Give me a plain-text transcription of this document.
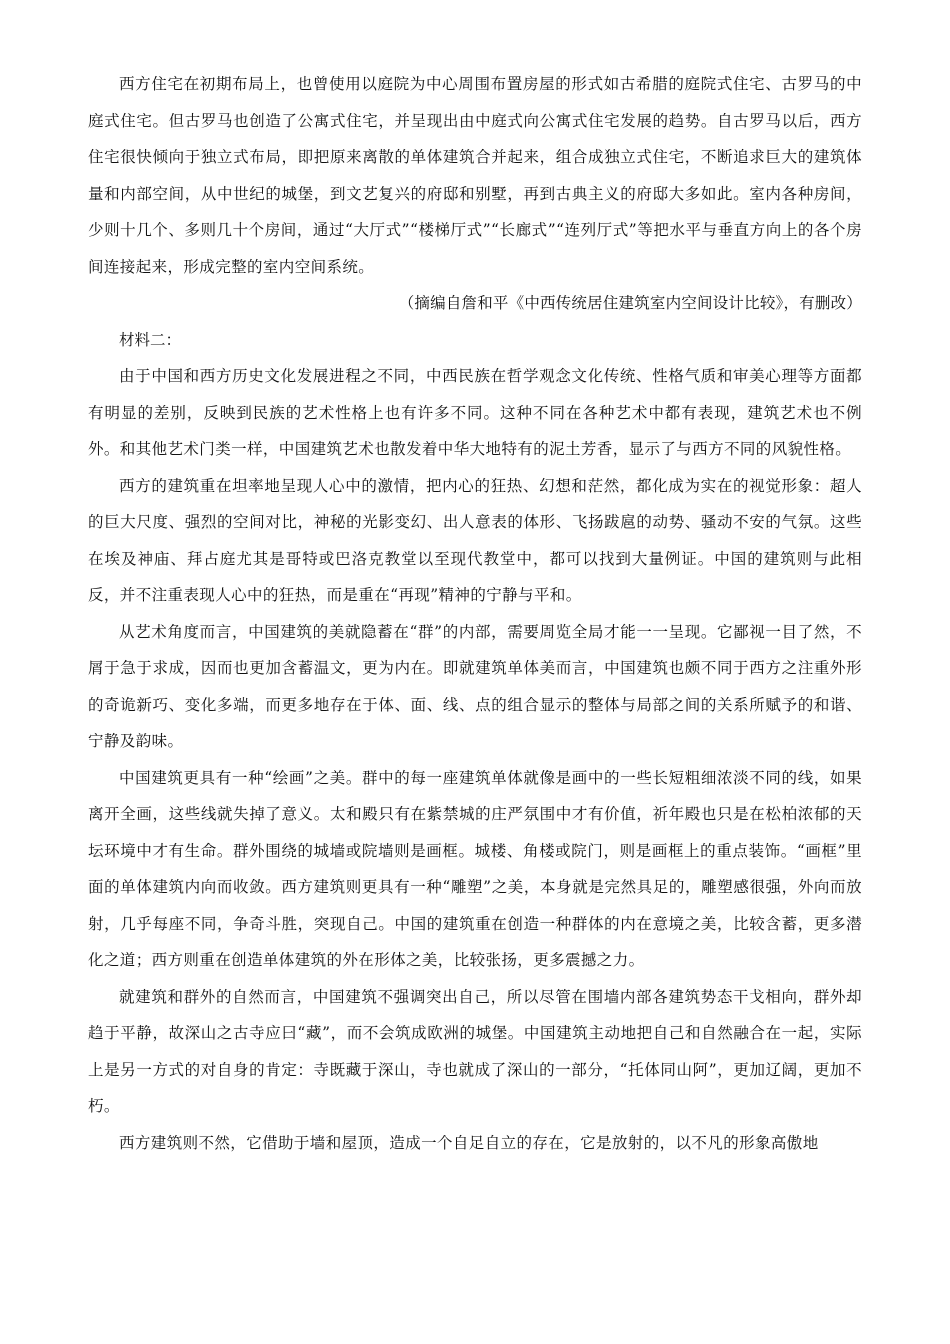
西方住宅在初期布局上，也曾使用以庭院为中心周围布置房屋的形式如古希腊的庭院式住宅、古罗马的中庭式住宅。但古罗马也创造了公寓式住宅，并呈现出由中庭式向公寓式住宅发展的趋势。自古罗马以后，西方住宅很快倾向于独立式布局，即把原来离散的单体建筑合并起来，组合成独立式住宅，不断追求巨大的建筑体量和内部空间，从中世纪的城堡，到文艺复兴的府邸和别墅，再到古典主义的府邸大多如此。室内各种房间，少则十几个、多则几十个房间，通过“大厅式”“楼梯厅式”“长廊式”“连列厅式”等把水平与垂直方向上的各个房间连接起来，形成完整的室内空间系统。

（摘编自詹和平《中西传统居住建筑室内空间设计比较》，有删改）

材料二：

由于中国和西方历史文化发展进程之不同，中西民族在哲学观念文化传统、性格气质和审美心理等方面都有明显的差别，反映到民族的艺术性格上也有许多不同。这种不同在各种艺术中都有表现，建筑艺术也不例外。和其他艺术门类一样，中国建筑艺术也散发着中华大地特有的泥土芳香，显示了与西方不同的风貌性格。

西方的建筑重在坦率地呈现人心中的激情，把内心的狂热、幻想和茫然，都化成为实在的视觉形象：超人的巨大尺度、强烈的空间对比，神秘的光影变幻、出人意表的体形、飞扬跋扈的动势、骚动不安的气氛。这些在埃及神庙、拜占庭尤其是哥特或巴洛克教堂以至现代教堂中，都可以找到大量例证。中国的建筑则与此相反，并不注重表现人心中的狂热，而是重在“再现”精神的宁静与平和。

从艺术角度而言，中国建筑的美就隐蓄在“群”的内部，需要周览全局才能一一呈现。它鄙视一目了然，不屑于急于求成，因而也更加含蓄温文，更为内在。即就建筑单体美而言，中国建筑也颇不同于西方之注重外形的奇诡新巧、变化多端，而更多地存在于体、面、线、点的组合显示的整体与局部之间的关系所赋予的和谐、宁静及韵味。

中国建筑更具有一种“绘画”之美。群中的每一座建筑单体就像是画中的一些长短粗细浓淡不同的线，如果离开全画，这些线就失掉了意义。太和殿只有在紫禁城的庄严氛围中才有价值，祈年殿也只是在松柏浓郁的天坛环境中才有生命。群外围绕的城墙或院墙则是画框。城楼、角楼或院门，则是画框上的重点装饰。“画框”里面的单体建筑内向而收敛。西方建筑则更具有一种“雕塑”之美，本身就是完然具足的，雕塑感很强，外向而放射，几乎每座不同，争奇斗胜，突现自己。中国的建筑重在创造一种群体的内在意境之美，比较含蓄，更多潜化之道；西方则重在创造单体建筑的外在形体之美，比较张扬，更多震撼之力。

就建筑和群外的自然而言，中国建筑不强调突出自己，所以尽管在围墙内部各建筑势态干戈相向，群外却趋于平静，故深山之古寺应曰“藏”，而不会筑成欧洲的城堡。中国建筑主动地把自己和自然融合在一起，实际上是另一方式的对自身的肯定：寺既藏于深山，寺也就成了深山的一部分，“托体同山阿”，更加辽阔，更加不朽。

西方建筑则不然，它借助于墙和屋顶，造成一个自足自立的存在，它是放射的，以不凡的形象高傲地
